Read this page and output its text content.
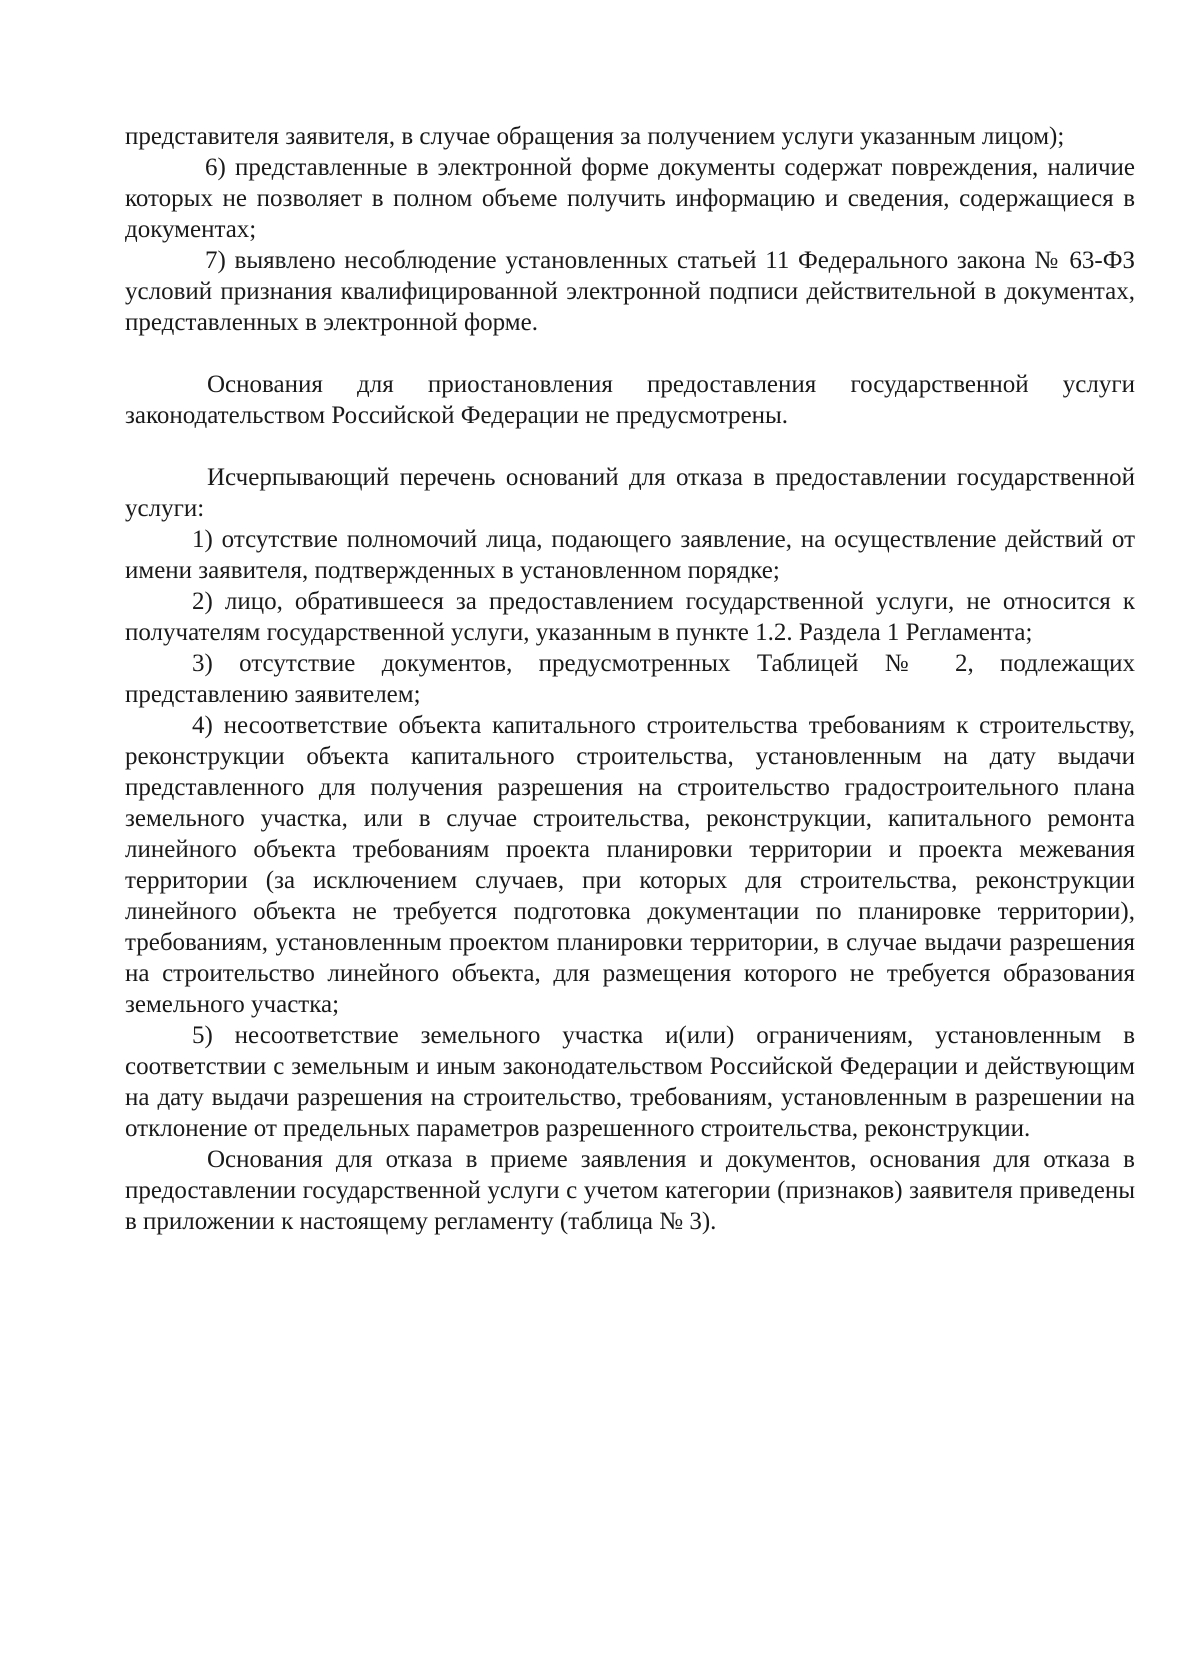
представителя заявителя, в случае обращения за получением услуги указанным лицом);

6) представленные в электронной форме документы содержат повреждения, наличие которых не позволяет в полном объеме получить информацию и сведения, содержащиеся в документах;

7) выявлено несоблюдение установленных статьей 11 Федерального закона № 63-ФЗ условий признания квалифицированной электронной подписи действительной в документах, представленных в электронной форме.

Основания для приостановления предоставления государственной услуги законодательством Российской Федерации не предусмотрены.

Исчерпывающий перечень оснований для отказа в предоставлении государственной услуги:

1) отсутствие полномочий лица, подающего заявление, на осуществление действий от имени заявителя, подтвержденных в установленном порядке;

2) лицо, обратившееся за предоставлением государственной услуги, не относится к получателям государственной услуги, указанным в пункте 1.2. Раздела 1 Регламента;

3) отсутствие документов, предусмотренных Таблицей № 2, подлежащих представлению заявителем;

4) несоответствие объекта капитального строительства требованиям к строительству, реконструкции объекта капитального строительства, установленным на дату выдачи представленного для получения разрешения на строительство градостроительного плана земельного участка, или в случае строительства, реконструкции, капитального ремонта линейного объекта требованиям проекта планировки территории и проекта межевания территории (за исключением случаев, при которых для строительства, реконструкции линейного объекта не требуется подготовка документации по планировке территории), требованиям, установленным проектом планировки территории, в случае выдачи разрешения на строительство линейного объекта, для размещения которого не требуется образования земельного участка;

5) несоответствие земельного участка и(или) ограничениям, установленным в соответствии с земельным и иным законодательством Российской Федерации и действующим на дату выдачи разрешения на строительство, требованиям, установленным в разрешении на отклонение от предельных параметров разрешенного строительства, реконструкции.

Основания для отказа в приеме заявления и документов, основания для отказа в предоставлении государственной услуги с учетом категории (признаков) заявителя приведены в приложении к настоящему регламенту (таблица № 3).
